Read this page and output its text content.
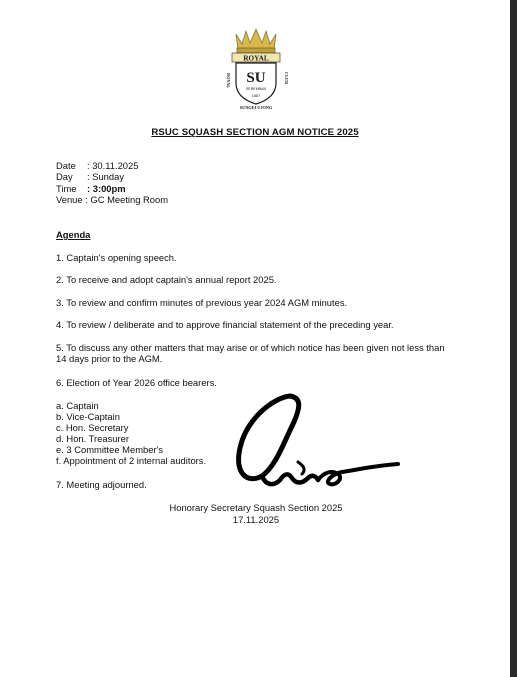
ROYAL
ROYAL	CLUB
SU
SEREMBAN
1887
SUNGEI UJONG
RSUC SQUASH SECTION AGM NOTICE 2025
Date : 30.11.2025
Day : Sunday
Time : 3:00pm
Venue : GC Meeting Room
Agenda
1. Captain's opening speech.
2. To receive and adopt captain's annual report 2025.
3. To review and confirm minutes of previous year 2024 AGM minutes.
4. To review / deliberate and to approve financial statement of the preceding year.
5. To discuss any other matters that may arise or of which notice has been given not less than 14 days prior to the AGM.
6. Election of Year 2026 office bearers.
a. Captain
b. Vice-Captain
c. Hon. Secretary
d. Hon. Treasurer
e. 3 Committee Member's
f. Appointment of 2 internal auditors.
7. Meeting adjourned.
Honorary Secretary Squash Section 2025
17.11.2025
